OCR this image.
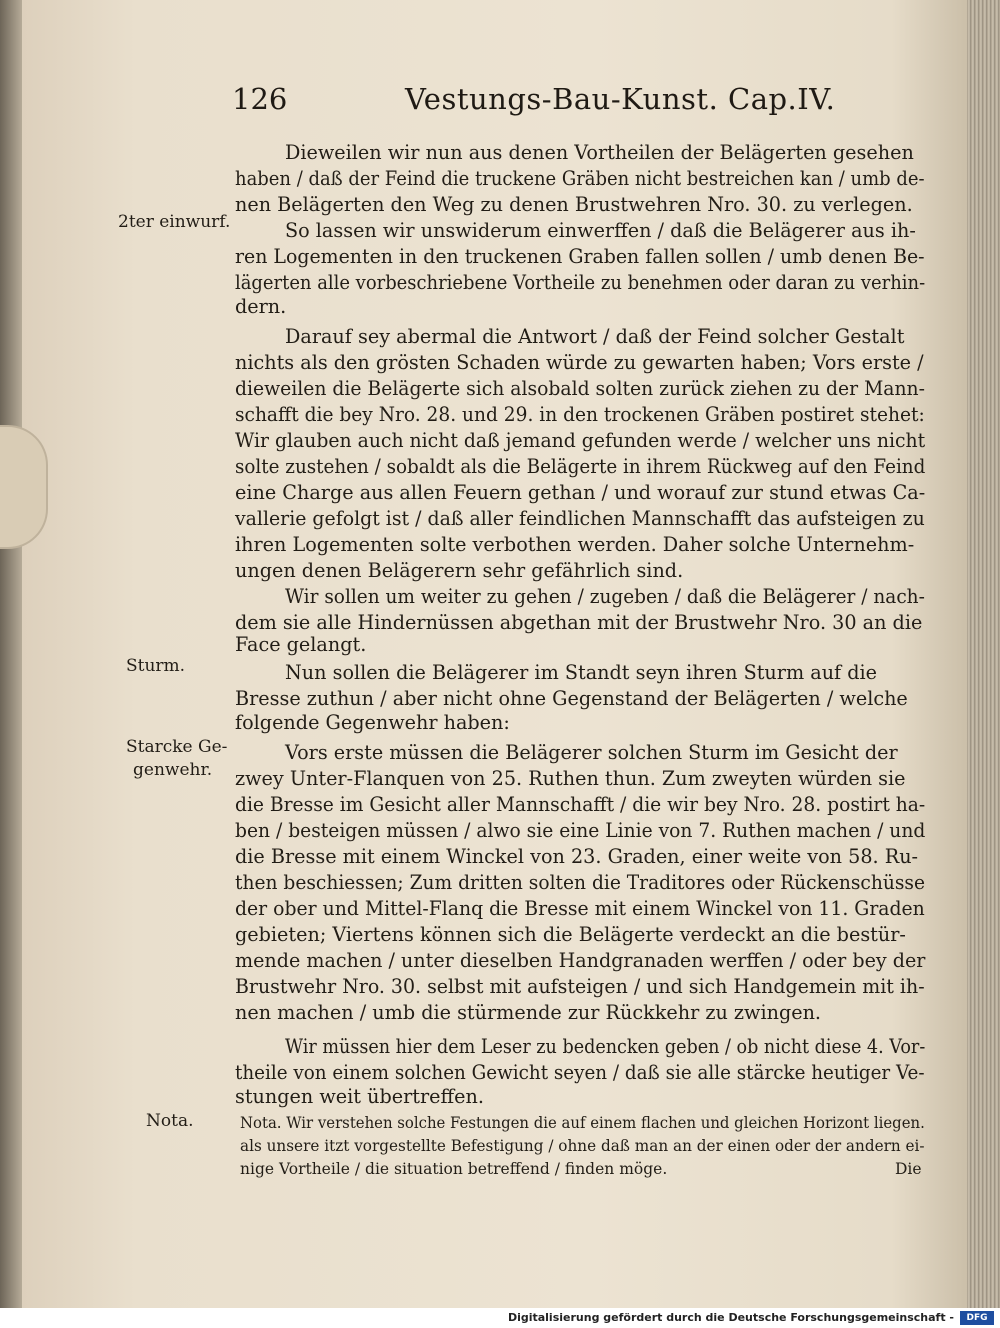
126	Vestungs-Bau-Kunst. Cap.IV.
2ter einwurf.
Sturm.
Starcke Ge-
genwehr.
Nota.
Dieweilen wir nun aus denen Vortheilen der Belägerten gesehen
haben / daß der Feind die truckene Gräben nicht bestreichen kan / umb de-
nen Belägerten den Weg zu denen Brustwehren Nro. 30. zu verlegen.
So lassen wir unswiderum einwerffen / daß die Belägerer aus ih-
ren Logementen in den truckenen Graben fallen sollen / umb denen Be-
lägerten alle vorbeschriebene Vortheile zu benehmen oder daran zu verhin-
dern.
Darauf sey abermal die Antwort / daß der Feind solcher Gestalt
nichts als den grösten Schaden würde zu gewarten haben; Vors erste /
dieweilen die Belägerte sich alsobald solten zurück ziehen zu der Mann-
schafft die bey Nro. 28. und 29. in den trockenen Gräben postiret stehet:
Wir glauben auch nicht daß jemand gefunden werde / welcher uns nicht
solte zustehen / sobaldt als die Belägerte in ihrem Rückweg auf den Feind
eine Charge aus allen Feuern gethan / und worauf zur stund etwas Ca-
vallerie gefolgt ist / daß aller feindlichen Mannschafft das aufsteigen zu
ihren Logementen solte verbothen werden. Daher solche Unternehm-
ungen denen Belägerern sehr gefährlich sind.
Wir sollen um weiter zu gehen / zugeben / daß die Belägerer / nach-
dem sie alle Hindernüssen abgethan mit der Brustwehr Nro. 30 an die
Face gelangt.
Nun sollen die Belägerer im Standt seyn ihren Sturm auf die
Bresse zuthun / aber nicht ohne Gegenstand der Belägerten / welche
folgende Gegenwehr haben:
Vors erste müssen die Belägerer solchen Sturm im Gesicht der
zwey Unter-Flanquen von 25. Ruthen thun. Zum zweyten würden sie
die Bresse im Gesicht aller Mannschafft / die wir bey Nro. 28. postirt ha-
ben / besteigen müssen / alwo sie eine Linie von 7. Ruthen machen / und
die Bresse mit einem Winckel von 23. Graden, einer weite von 58. Ru-
then beschiessen; Zum dritten solten die Traditores oder Rückenschüsse
der ober und Mittel-Flanq die Bresse mit einem Winckel von 11. Graden
gebieten; Viertens können sich die Belägerte verdeckt an die bestür-
mende machen / unter dieselben Handgranaden werffen / oder bey der
Brustwehr Nro. 30. selbst mit aufsteigen / und sich Handgemein mit ih-
nen machen / umb die stürmende zur Rückkehr zu zwingen.
Wir müssen hier dem Leser zu bedencken geben / ob nicht diese 4. Vor-
theile von einem solchen Gewicht seyen / daß sie alle stärcke heutiger Ve-
stungen weit übertreffen.
Nota. Wir verstehen solche Festungen die auf einem flachen und gleichen Horizont liegen.
als unsere itzt vorgestellte Befestigung / ohne daß man an der einen oder der andern ei-
nige Vortheile / die situation betreffend / finden möge.	Die
Digitalisierung gefördert durch die Deutsche Forschungsgemeinschaft -	DFG
